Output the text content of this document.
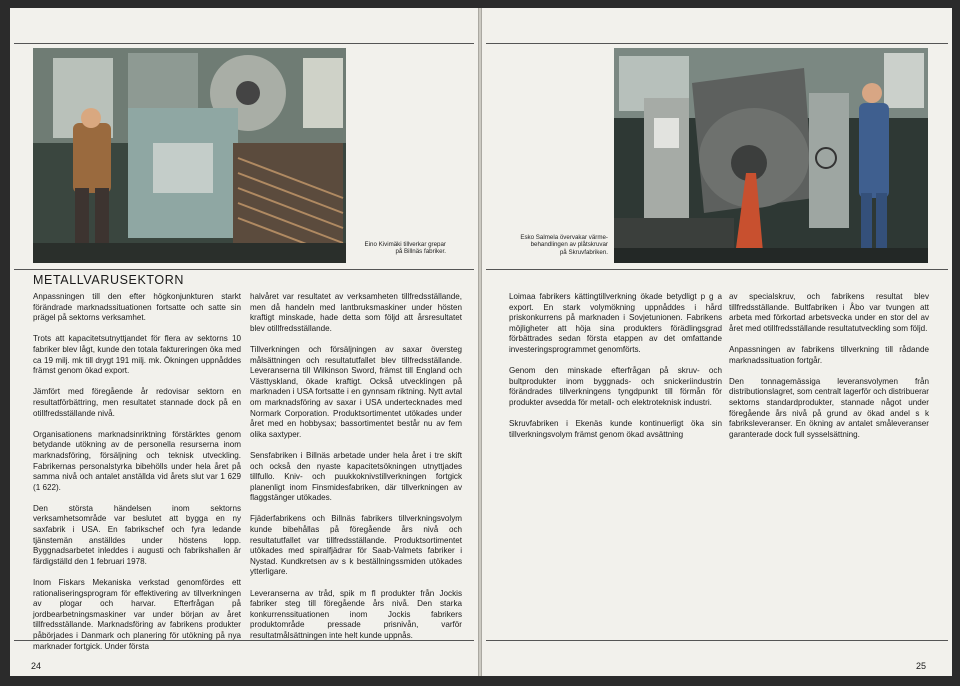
Eino Kivimäki tillverkar grepar
på Billnäs fabriker.
METALLVARUSEKTORN

Anpassningen till den efter högkonjunkturen starkt förändrade marknadssituationen fortsatte och satte sin prägel på sektorns verksamhet.

Trots att kapacitetsutnyttjandet för flera av sektorns 10 fabriker blev lågt, kunde den totala faktureringen öka med ca 19 milj. mk till drygt 191 milj. mk. Ökningen uppnåddes främst genom ökad export.

Jämfört med föregående år redovisar sektorn en resultatförbättring, men resultatet stannade dock på en otillfredsställande nivå.

Organisationens marknadsinriktning förstärktes genom betydande utökning av de personella resurserna inom marknadsföring, försäljning och teknisk utveckling. Fabrikernas personalstyrka bibehölls under hela året på samma nivå och antalet anställda vid årets slut var 1 629 (1 622).

Den största händelsen inom sektorns verksamhetsområde var beslutet att bygga en ny saxfabrik i USA. En fabrikschef och fyra ledande tjänstemän anställdes under höstens lopp. Byggnadsarbetet inleddes i augusti och fabrikshallen är färdigställd den 1 februari 1978.

Inom Fiskars Mekaniska verkstad genomfördes ett rationaliseringsprogram för effektivering av tillverkningen av plogar och harvar. Efterfrågan på jordbearbetningsmaskiner var under början av året tillfredsställande. Marknadsföring av fabrikens produkter påbörjades i Danmark och planering för utökning på nya marknader fortgick. Under första

halvåret var resultatet av verksamheten tillfredsställande, men då handeln med lantbruksmaskiner under hösten kraftigt minskade, hade detta som följd att årsresultatet blev otillfredsställande.

Tillverkningen och försäljningen av saxar översteg målsättningen och resultatutfallet blev tillfredsställande. Leveranserna till Wilkinson Sword, främst till England och Västtyskland, ökade kraftigt. Också utvecklingen på marknaden i USA fortsatte i en gynnsam riktning. Nytt avtal om marknadsföring av saxar i USA undertecknades med Normark Corporation. Produktsortimentet utökades under året med en hobbysax; bassortimentet består nu av fem olika saxtyper.

Sensfabriken i Billnäs arbetade under hela året i tre skift och också den nyaste kapacitetsökningen utnyttjades tillfullo. Kniv- och puukkoknivstillverkningen fortgick planenligt inom Finsmidesfabriken, där tillverkningen av flaggstänger utökades.

Fjäderfabrikens och Billnäs fabrikers tillverkningsvolym kunde bibehållas på föregående års nivå och resultatutfallet var tillfredsställande. Produktsortimentet utökades med spiralfjädrar för Saab-Valmets fabriker i Nystad. Kundkretsen av s k beställningssmiden utökades ytterligare.

Leveranserna av tråd, spik m fl produkter från Jockis fabriker steg till föregående års nivå. Den starka konkurrenssituationen inom Jockis fabrikers produktområde pressade prisnivån, varför resultatmålsättningen inte helt kunde uppnås.

24
Esko Salmela övervakar värme-
behandlingen av plåtskruvar
på Skruvfabriken.

Loimaa fabrikers kättingtillverkning ökade betydligt p g a export. En stark volymökning uppnåddes i hård priskonkurrens på marknaden i Sovjetunionen. Fabrikens möjligheter att höja sina produkters förädlingsgrad förbättrades sedan första etappen av det omfattande investeringsprogrammet genomförts.

Genom den minskade efterfrågan på skruv- och bultprodukter inom byggnads- och snickeriindustrin förändrades tillverkningens tyngdpunkt till förmån för produkter avsedda för metall- och elektroteknisk industri.

Skruvfabriken i Ekenäs kunde kontinuerligt öka sin tillverkningsvolym främst genom ökad avsättning

av specialskruv, och fabrikens resultat blev tillfredsställande. Bultfabriken i Åbo var tvungen att arbeta med förkortad arbetsvecka under en stor del av året med otillfredsställande resultatutveckling som följd.

Anpassningen av fabrikens tillverkning till rådande marknadssituation fortgår.

Den tonnagemässiga leveransvolymen från distributionslagret, som centralt lagerför och distribuerar sektorns standardprodukter, stannade något under föregående års nivå på grund av ökad andel s k fabriksleveranser. En ökning av antalet småleveranser garanterade dock full sysselsättning.

25
